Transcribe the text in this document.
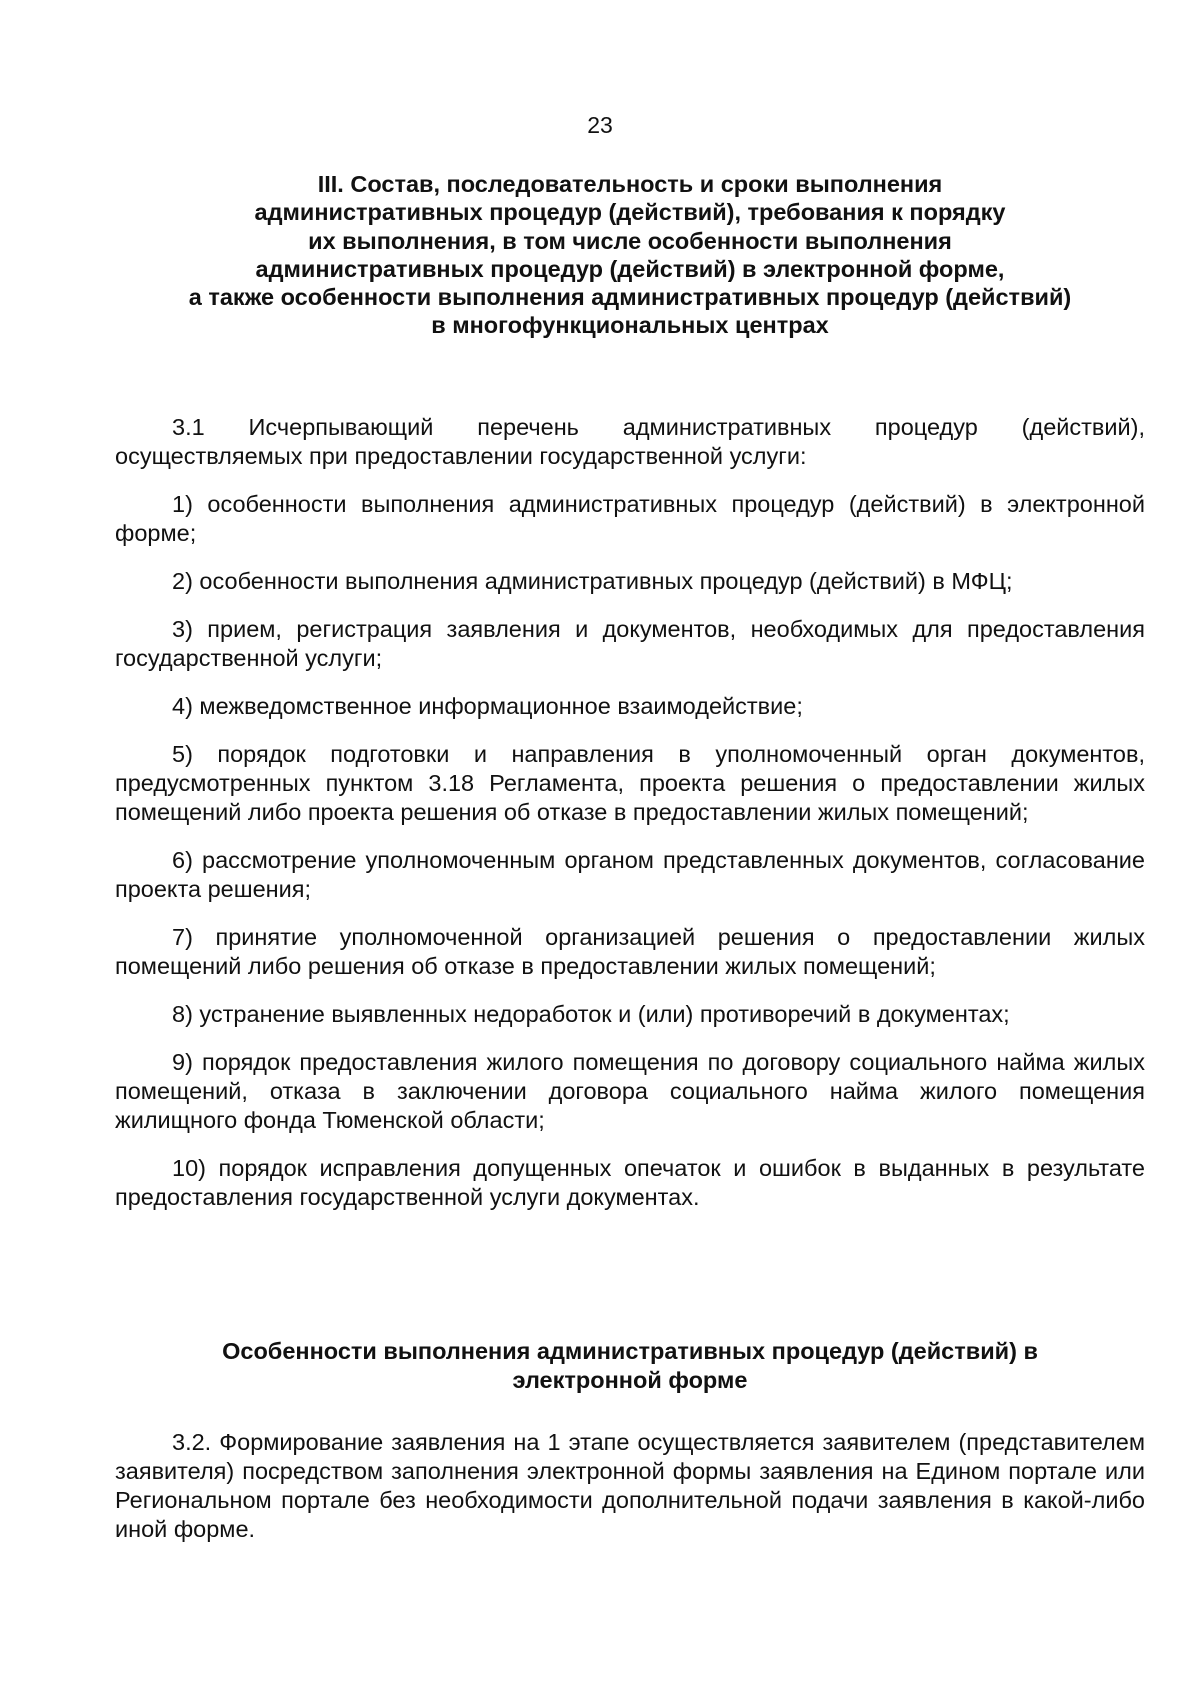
23
III. Состав, последовательность и сроки выполнения
административных процедур (действий), требования к порядку
их выполнения, в том числе особенности выполнения
административных процедур (действий) в электронной форме,
а также особенности выполнения административных процедур (действий)
в многофункциональных центрах

3.1 Исчерпывающий перечень административных процедур (действий), осуществляемых при предоставлении государственной услуги:

1) особенности выполнения административных процедур (действий) в электронной форме;

2) особенности выполнения административных процедур (действий) в МФЦ;

3) прием, регистрация заявления и документов, необходимых для предоставления государственной услуги;

4) межведомственное информационное взаимодействие;

5) порядок подготовки и направления в уполномоченный орган документов, предусмотренных пунктом 3.18 Регламента, проекта решения о предоставлении жилых помещений либо проекта решения об отказе в предоставлении жилых помещений;

6) рассмотрение уполномоченным органом представленных документов, согласование проекта решения;

7) принятие уполномоченной организацией решения о предоставлении жилых помещений либо решения об отказе в предоставлении жилых помещений;

8) устранение выявленных недоработок и (или) противоречий в документах;

9) порядок предоставления жилого помещения по договору социального найма жилых помещений, отказа в заключении договора социального найма жилого помещения жилищного фонда Тюменской области;

10) порядок исправления допущенных опечаток и ошибок в выданных в результате предоставления государственной услуги документах.

Особенности выполнения административных процедур (действий) в
электронной форме

3.2. Формирование заявления на 1 этапе осуществляется заявителем (представителем заявителя) посредством заполнения электронной формы заявления на Едином портале или Региональном портале без необходимости дополнительной подачи заявления в какой-либо иной форме.
